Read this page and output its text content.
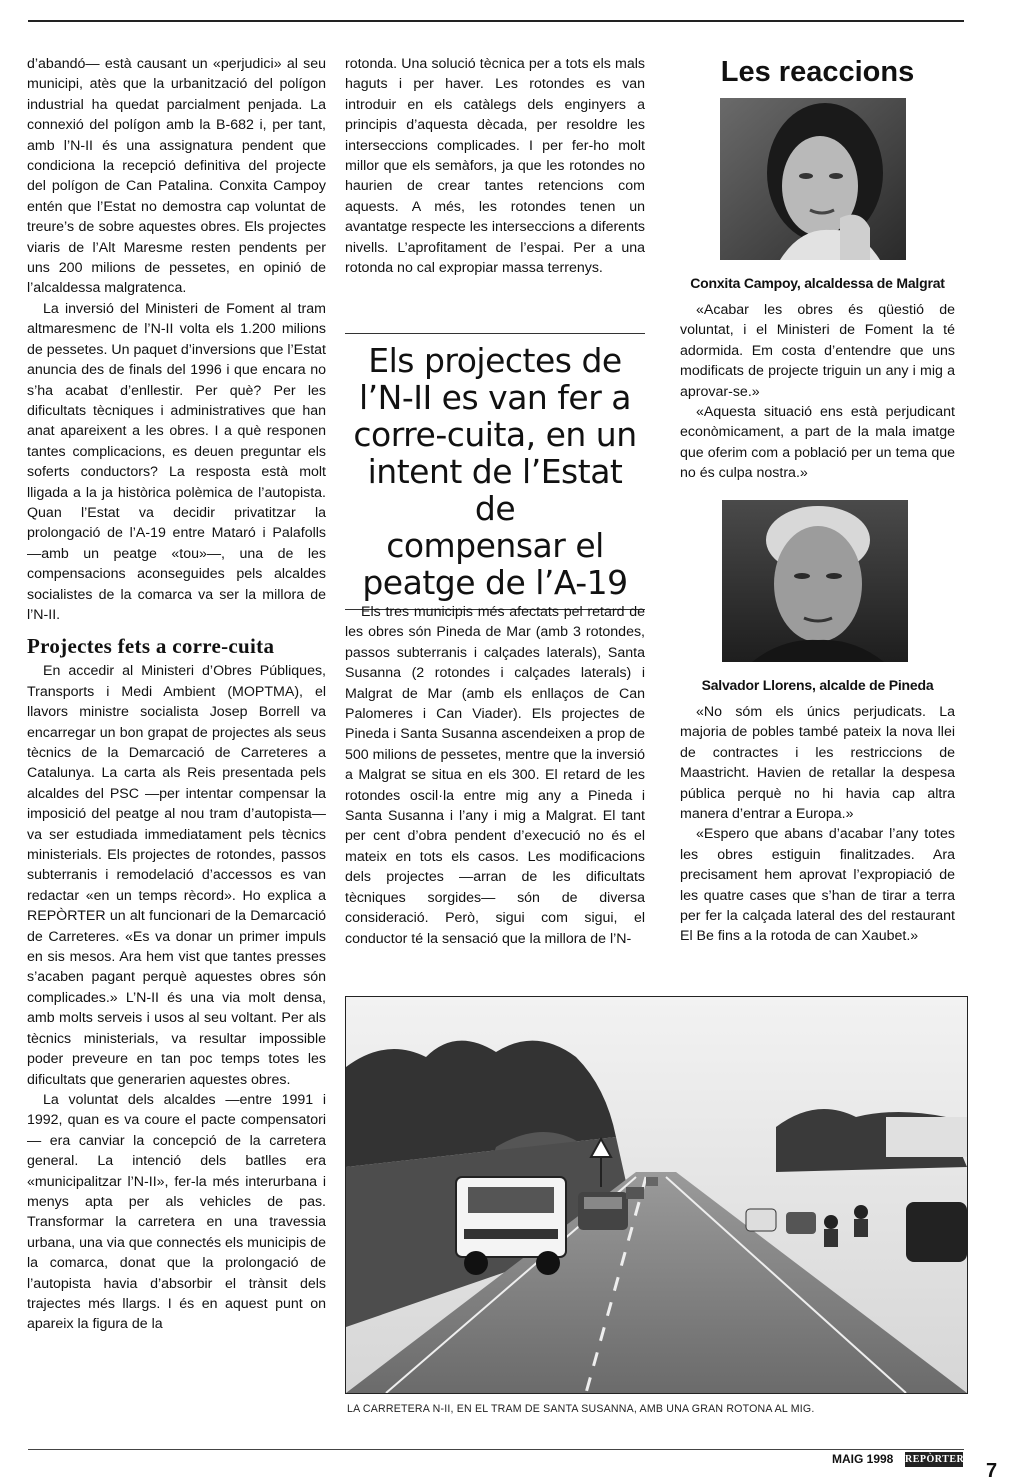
d’abandó— està causant un «perjudici» al seu municipi, atès que la urbanització del polígon industrial ha quedat parcialment penjada. La connexió del polígon amb la B-682 i, per tant, amb l’N-II és una assignatura pendent que condiciona la recepció definitiva del projecte del polígon de Can Patalina. Conxita Campoy entén que l’Estat no demostra cap voluntat de treure’s de sobre aquestes obres. Els projectes viaris de l’Alt Maresme resten pendents per uns 200 milions de pessetes, en opinió de l’alcaldessa malgratenca.

La inversió del Ministeri de Foment al tram altmaresmenc de l’N-II volta els 1.200 milions de pessetes. Un paquet d’inversions que l’Estat anuncia des de finals del 1996 i que encara no s’ha acabat d’enllestir. Per què? Per les dificultats tècniques i administratives que han anat apareixent a les obres. I a què responen tantes complicacions, es deuen preguntar els soferts conductors? La resposta està molt lligada a la ja històrica polèmica de l’autopista. Quan l’Estat va decidir privatitzar la prolongació de l’A-19 entre Mataró i Palafolls —amb un peatge «tou»—, una de les compensacions aconseguides pels alcaldes socialistes de la comarca va ser la millora de l’N-II.

Projectes fets a corre-cuita

En accedir al Ministeri d’Obres Públiques, Transports i Medi Ambient (MOPTMA), el llavors ministre socialista Josep Borrell va encarregar un bon grapat de projectes als seus tècnics de la Demarcació de Carreteres a Catalunya. La carta als Reis presentada pels alcaldes del PSC —per intentar compensar la imposició del peatge al nou tram d’autopista— va ser estudiada immediatament pels tècnics ministerials. Els projectes de rotondes, passos subterranis i remodelació d’accessos es van redactar «en un temps rècord». Ho explica a REPÒRTER un alt funcionari de la Demarcació de Carreteres. «Es va donar un primer impuls en sis mesos. Ara hem vist que tantes presses s’acaben pagant perquè aquestes obres són complicades.» L’N-II és una via molt densa, amb molts serveis i usos al seu voltant. Per als tècnics ministerials, va resultar impossible poder preveure en tan poc temps totes les dificultats que generarien aquestes obres.

La voluntat dels alcaldes —entre 1991 i 1992, quan es va coure el pacte compensatori— era canviar la concepció de la carretera general. La intenció dels batlles era «municipalitzar l’N-II», fer-la més interurbana i menys apta per als vehicles de pas. Transformar la carretera en una travessia urbana, una via que connectés els municipis de la comarca, donat que la prolongació de l’autopista havia d’absorbir el trànsit dels trajectes més llargs. I és en aquest punt on apareix la figura de la

rotonda. Una solució tècnica per a tots els mals haguts i per haver. Les rotondes es van introduir en els catàlegs dels enginyers a principis d’aquesta dècada, per resoldre les interseccions complicades. I per fer-ho molt millor que els semàfors, ja que les rotondes no haurien de crear tantes retencions com aquests. A més, les rotondes tenen un avantatge respecte les interseccions a diferents nivells. L’aprofitament de l’espai. Per a una rotonda no cal expropiar massa terrenys.

Els projectes de
l’N-II es van fer a
corre-cuita, en un
intent de l’Estat de
compensar el
peatge de l’A-19

Els tres municipis més afectats pel retard de les obres són Pineda de Mar (amb 3 rotondes, passos subterranis i calçades laterals), Santa Susanna (2 rotondes i calçades laterals) i Malgrat de Mar (amb els enllaços de Can Palomeres i Can Viader). Els projectes de Pineda i Santa Susanna ascendeixen a prop de 500 milions de pessetes, mentre que la inversió a Malgrat se situa en els 300. El retard de les rotondes oscil·la entre mig any a Pineda i Santa Susanna i l’any i mig a Malgrat. El tant per cent d’obra pendent d’execució no és el mateix en tots els casos. Les modificacions dels projectes —arran de les dificultats tècniques sorgides— són de diversa consideració. Però, sigui com sigui, el conductor té la sensació que la millora de l’N-

Les reaccions
Conxita Campoy, alcaldessa de Malgrat

«Acabar les obres és qüestió de voluntat, i el Ministeri de Foment la té adormida. Em costa d’entendre que uns modificats de projecte triguin un any i mig a aprovar-se.»

«Aquesta situació ens està perjudicant econòmicament, a part de la mala imatge que oferim com a població per un tema que no és culpa nostra.»

Salvador Llorens, alcalde de Pineda

«No sóm els únics perjudicats. La majoria de pobles també pateix la nova llei de contractes i les restriccions de Maastricht. Havien de retallar la despesa pública perquè no hi havia cap altra manera d’entrar a Europa.»

«Espero que abans d’acabar l’any totes les obres estiguin finalitzades. Ara precisament hem aprovat l’expropiació de les quatre cases que s’han de tirar a terra per fer la calçada lateral des del restaurant El Be fins a la rotoda de can Xaubet.»

LA CARRETERA N-II, EN EL TRAM DE SANTA SUSANNA, AMB UNA GRAN ROTONA AL MIG.
MAIG 1998 REPÒRTER
7
